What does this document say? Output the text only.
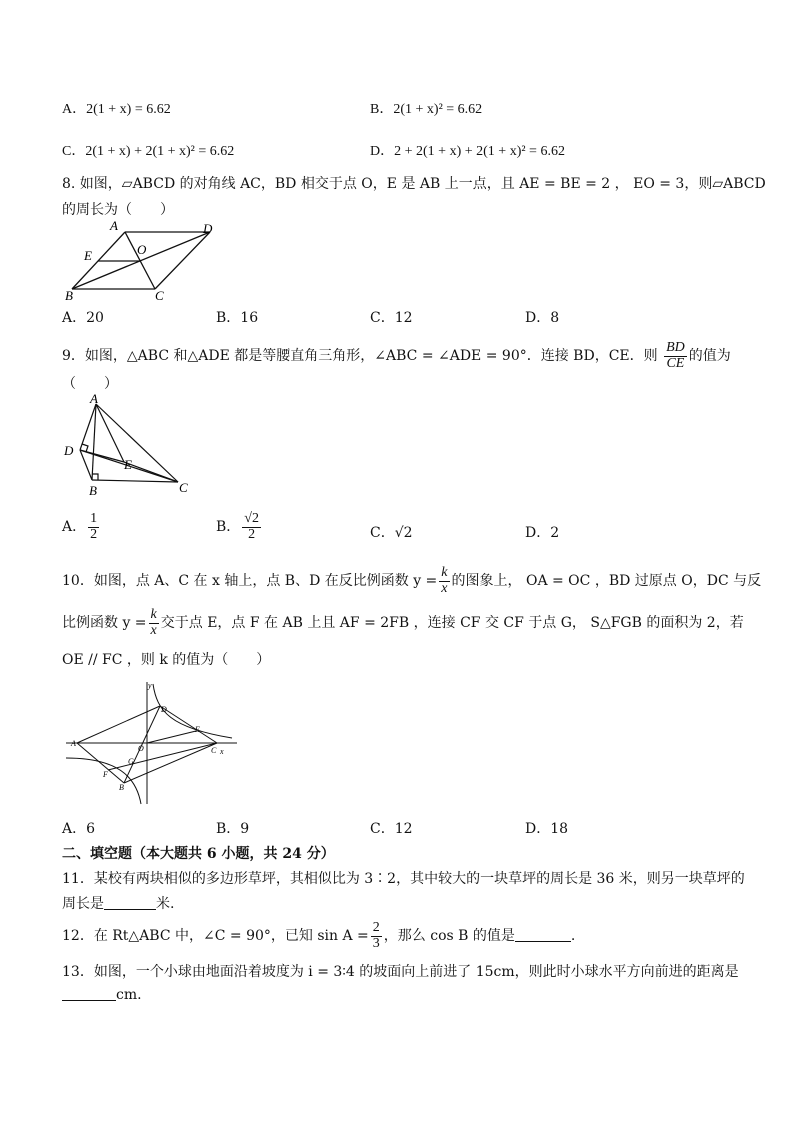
A．2(1 + x) = 6.62	B．2(1 + x)² = 6.62
C．2(1 + x) + 2(1 + x)² = 6.62	D．2 + 2(1 + x) + 2(1 + x)² = 6.62
8. 如图，▱ABCD 的对角线 AC，BD 相交于点 O，E 是 AB 上一点，且 AE = BE = 2 ， EO = 3，则▱ABCD
的周长为（　　）
A	D
E	O
B	C
A．20	B．16	C．12	D．8
9．如图，△ABC 和△ADE 都是等腰直角三角形，∠ABC = ∠ADE = 90°．连接 BD，CE．则 $\frac{BD}{CE}$ 的值为
（　　）
A
D
E
B	C
A． $\frac{1}{2}$	B． $\frac{√2}{2}$	C．√2	D．2
10．如图，点 A、C 在 x 轴上，点 B、D 在反比例函数 $y = \frac{k}{x}$ 的图象上， OA = OC ，BD 过原点 O，DC 与反
比例函数 $y = \frac{k}{x}$ 交于点 E，点 F 在 AB 上且 AF = 2FB ，连接 CF 交 CF 于点 G， S△FGB 的面积为 2，若
OE // FC ，则 k 的值为（　　）
y
x
A
B
C
D
E
F
G
O
A．6	B．9	C．12	D．18
二、填空题（本大题共 6 小题，共 24 分）
11．某校有两块相似的多边形草坪，其相似比为 3∶2，其中较大的一块草坪的周长是 36 米，则另一块草坪的
周长是	米.
12．在 Rt△ABC 中，∠C = 90°，已知 $\sin A = \frac{2}{3}$ ，那么 cos B 的值是	.
13．如图，一个小球由地面沿着坡度为 i = 3∶4 的坡面向上前进了 15cm，则此时小球水平方向前进的距离是
cm.
